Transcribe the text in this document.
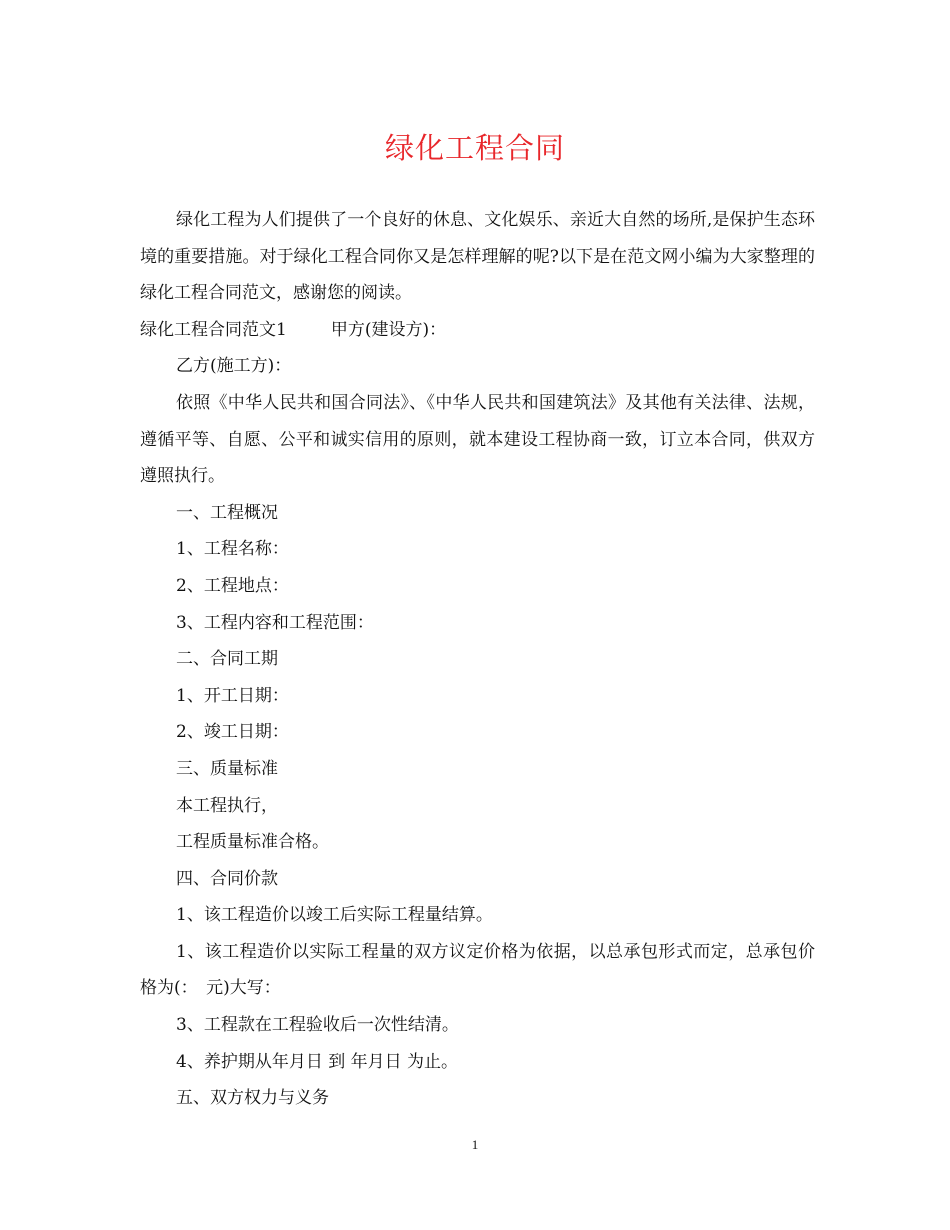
绿化工程合同

绿化工程为人们提供了一个良好的休息、文化娱乐、亲近大自然的场所,是保护生态环境的重要措施。对于绿化工程合同你又是怎样理解的呢?以下是在范文网小编为大家整理的绿化工程合同范文，感谢您的阅读。

绿化工程合同范文1	甲方(建设方)：

乙方(施工方)：

依照《中华人民共和国合同法》、《中华人民共和国建筑法》及其他有关法律、法规，遵循平等、自愿、公平和诚实信用的原则，就本建设工程协商一致，订立本合同，供双方遵照执行。

一、工程概况

1、工程名称：

2、工程地点：

3、工程内容和工程范围：

二、合同工期

1、开工日期：

2、竣工日期：

三、质量标准

本工程执行，

工程质量标准合格。

四、合同价款

1、该工程造价以竣工后实际工程量结算。

1、该工程造价以实际工程量的双方议定价格为依据，以总承包形式而定，总承包价格为(：　元)大写：

3、工程款在工程验收后一次性结清。

4、养护期从年月日 到 年月日 为止。

五、双方权力与义务

1
